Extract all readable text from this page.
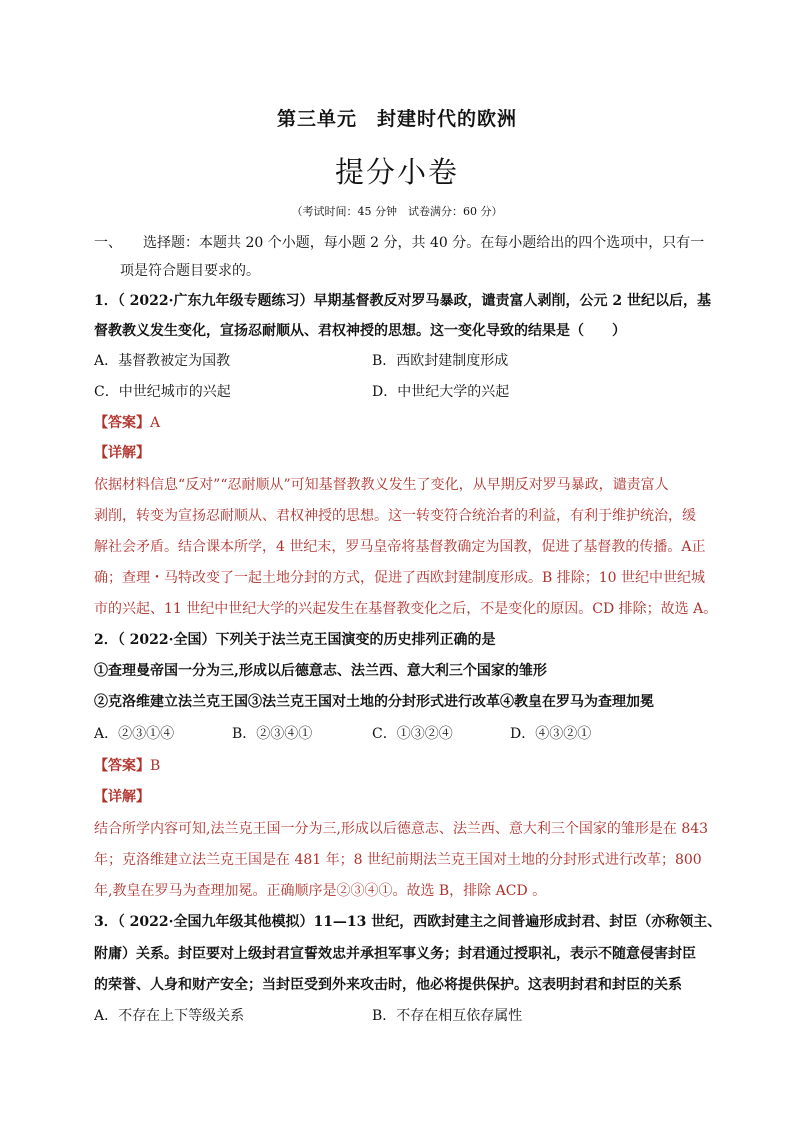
第三单元　封建时代的欧洲
提分小卷
（考试时间：45 分钟　试卷满分：60 分）
一、　　选择题：本题共 20 个小题，每小题 2 分，共 40 分。在每小题给出的四个选项中，只有一
项是符合题目要求的。
1．（ 2022·广东九年级专题练习）早期基督教反对罗马暴政，谴责富人剥削，公元 2 世纪以后，基
督教教义发生变化，宣扬忍耐顺从、君权神授的思想。这一变化导致的结果是（　　）
A．基督教被定为国教	B．西欧封建制度形成
C．中世纪城市的兴起	D．中世纪大学的兴起
【答案】A
【详解】
依据材料信息“反对”“忍耐顺从”可知基督教教义发生了变化，从早期反对罗马暴政，谴责富人
剥削，转变为宣扬忍耐顺从、君权神授的思想。这一转变符合统治者的利益，有利于维护统治，缓
解社会矛盾。结合课本所学，4 世纪末，罗马皇帝将基督教确定为国教，促进了基督教的传播。A正
确；查理・马特改变了一起土地分封的方式，促进了西欧封建制度形成。B 排除；10 世纪中世纪城
市的兴起、11 世纪中世纪大学的兴起发生在基督教变化之后，不是变化的原因。CD 排除；故选 A。
2．（ 2022·全国）下列关于法兰克王国演变的历史排列正确的是
①查理曼帝国一分为三,形成以后德意志、法兰西、意大利三个国家的雏形
②克洛维建立法兰克王国③法兰克王国对土地的分封形式进行改革④教皇在罗马为查理加冕
A．②③①④	B．②③④①	C．①③②④	D．④③②①
【答案】B
【详解】
结合所学内容可知,法兰克王国一分为三,形成以后德意志、法兰西、意大利三个国家的雏形是在 843
年；克洛维建立法兰克王国是在 481 年；8 世纪前期法兰克王国对土地的分封形式进行改革；800
年,教皇在罗马为查理加冕。正确顺序是②③④①。故选 B，排除 ACD 。
3．（ 2022·全国九年级其他模拟）11—13 世纪，西欧封建主之间普遍形成封君、封臣（亦称领主、
附庸）关系。封臣要对上级封君宣誓效忠并承担军事义务；封君通过授职礼，表示不随意侵害封臣
的荣誉、人身和财产安全；当封臣受到外来攻击时，他必将提供保护。这表明封君和封臣的关系
A．不存在上下等级关系	B．不存在相互依存属性
